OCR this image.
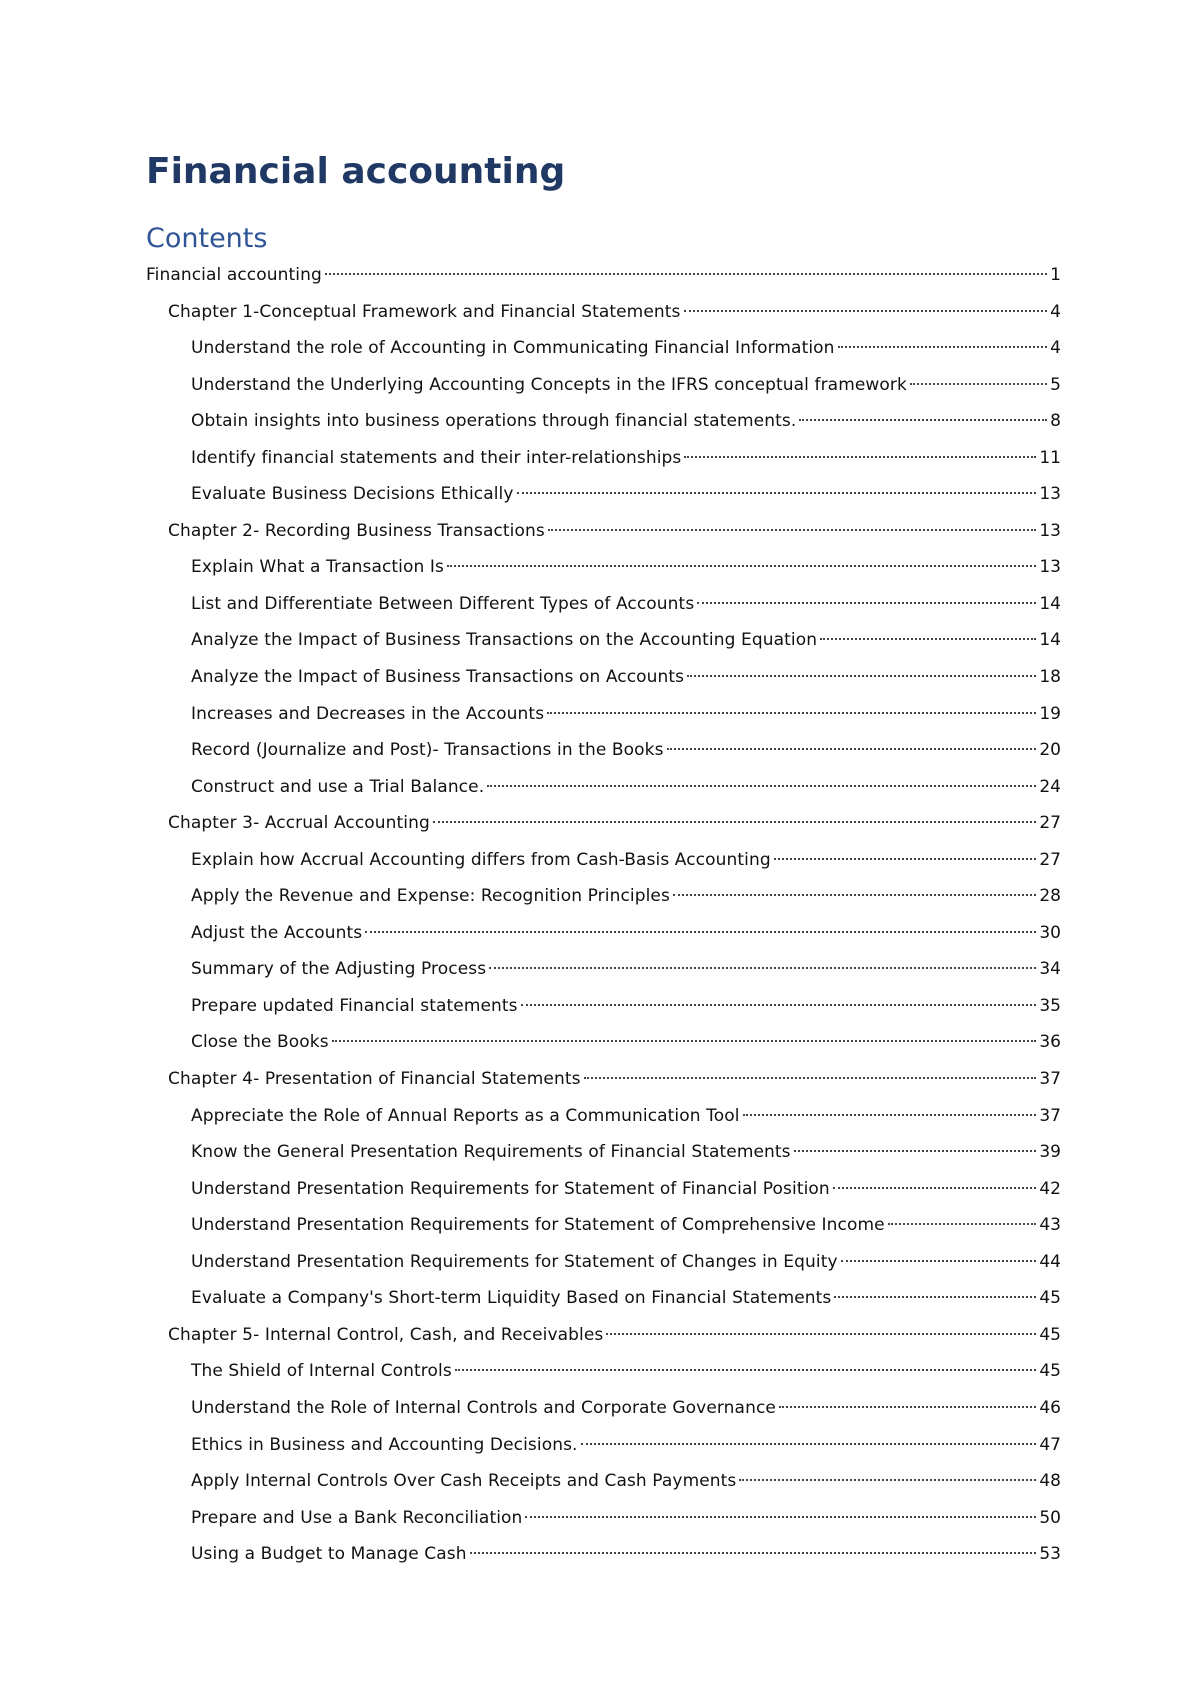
Financial accounting
Contents
Financial accounting	1
Chapter 1-Conceptual Framework and Financial Statements	4
Understand the role of Accounting in Communicating Financial Information	4
Understand the Underlying Accounting Concepts in the IFRS conceptual framework	5
Obtain insights into business operations through financial statements.	8
Identify financial statements and their inter-relationships	11
Evaluate Business Decisions Ethically	13
Chapter 2- Recording Business Transactions	13
Explain What a Transaction Is	13
List and Differentiate Between Different Types of Accounts	14
Analyze the Impact of Business Transactions on the Accounting Equation	14
Analyze the Impact of Business Transactions on Accounts	18
Increases and Decreases in the Accounts	19
Record (Journalize and Post)- Transactions in the Books	20
Construct and use a Trial Balance.	24
Chapter 3- Accrual Accounting	27
Explain how Accrual Accounting differs from Cash-Basis Accounting	27
Apply the Revenue and Expense: Recognition Principles	28
Adjust the Accounts	30
Summary of the Adjusting Process	34
Prepare updated Financial statements	35
Close the Books	36
Chapter 4- Presentation of Financial Statements	37
Appreciate the Role of Annual Reports as a Communication Tool	37
Know the General Presentation Requirements of Financial Statements	39
Understand Presentation Requirements for Statement of Financial Position	42
Understand Presentation Requirements for Statement of Comprehensive Income	43
Understand Presentation Requirements for Statement of Changes in Equity	44
Evaluate a Company's Short-term Liquidity Based on Financial Statements	45
Chapter 5- Internal Control, Cash, and Receivables	45
The Shield of Internal Controls	45
Understand the Role of Internal Controls and Corporate Governance	46
Ethics in Business and Accounting Decisions.	47
Apply Internal Controls Over Cash Receipts and Cash Payments	48
Prepare and Use a Bank Reconciliation	50
Using a Budget to Manage Cash	53
